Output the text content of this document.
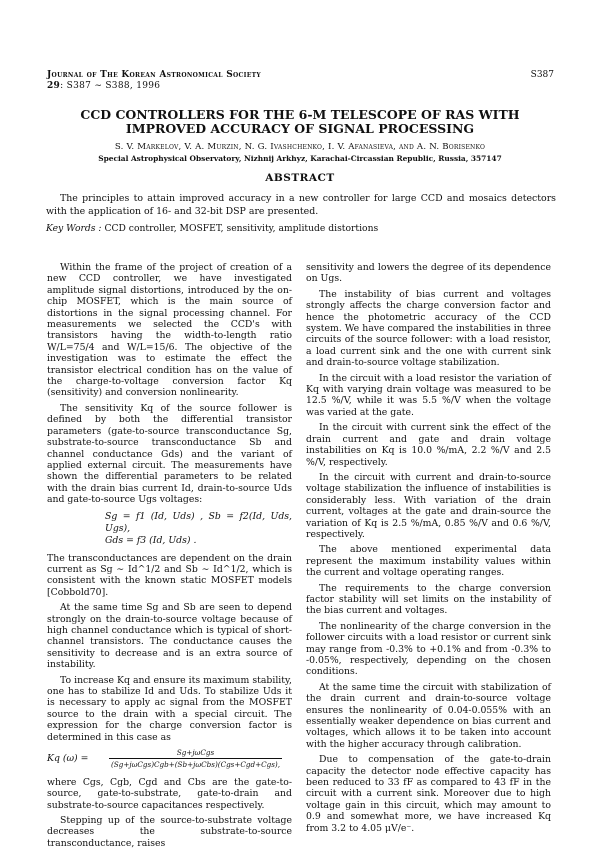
Journal of The Korean Astronomical Society
29: S387 ∼ S388, 1996
S387
CCD CONTROLLERS FOR THE 6-M TELESCOPE OF RAS WITH
IMPROVED ACCURACY OF SIGNAL PROCESSING
S. V. Markelov, V. A. Murzin, N. G. Ivashchenko, I. V. Afanasieva, and A. N. Borisenko
Special Astrophysical Observatory, Nizhnij Arkhyz, Karachai-Circassian Republic, Russia, 357147
ABSTRACT
The principles to attain improved accuracy in a new controller for large CCD and mosaics detectors with the application of 16- and 32-bit DSP are presented.
Key Words : CCD controller, MOSFET, sensitivity, amplitude distortions

Within the frame of the project of creation of a new CCD controller, we have investigated amplitude signal distortions, introduced by the on-chip MOSFET, which is the main source of distortions in the signal processing channel. For measurements we selected the CCD's with transistors having the width-to-length ratio W/L=75/4 and W/L=15/6. The objective of the investigation was to estimate the effect the transistor electrical condition has on the value of the charge-to-voltage conversion factor Kq (sensitivity) and conversion nonlinearity.

The sensitivity Kq of the source follower is defined by both the differential transistor parameters (gate-to-source transconductance Sg, substrate-to-source transconductance Sb and channel conductance Gds) and the variant of applied external circuit. The measurements have shown the differential parameters to be related with the drain bias current Id, drain-to-source Uds and gate-to-source Ugs voltages:

Sg = f1 (Id, Uds) , Sb = f2(Id, Uds, Ugs),
Gds = f3 (Id, Uds) .

The transconductances are dependent on the drain current as Sg ∼ Id^1/2 and Sb ∼ Id^1/2, which is consistent with the known static MOSFET models [Cobbold70].

At the same time Sg and Sb are seen to depend strongly on the drain-to-source voltage because of high channel conductance which is typical of short-channel transistors. The conductance causes the sensitivity to decrease and is an extra source of instability.

To increase Kq and ensure its maximum stability, one has to stabilize Id and Uds. To stabilize Uds it is necessary to apply ac signal from the MOSFET source to the drain with a special circuit. The expression for the charge conversion factor is determined in this case as

Kq (ω) =	$\frac{\text{Sg+jωCgs}}{\text{(Sg+jωCgs)Cgb+(Sb+jωCbs)(Cgs+Cgd+Cgs),}}$

where Cgs, Cgb, Cgd and Cbs are the gate-to-source, gate-to-substrate, gate-to-drain and substrate-to-source capacitances respectively.

Stepping up of the source-to-substrate voltage decreases the substrate-to-source transconductance, raises

sensitivity and lowers the degree of its dependence on Ugs.

The instability of bias current and voltages strongly affects the charge conversion factor and hence the photometric accuracy of the CCD system. We have compared the instabilities in three circuits of the source follower: with a load resistor, a load current sink and the one with current sink and drain-to-source voltage stabilization.

In the circuit with a load resistor the variation of Kq with varying drain voltage was measured to be 12.5 %/V, while it was 5.5 %/V when the voltage was varied at the gate.

In the circuit with current sink the effect of the drain current and gate and drain voltage instabilities on Kq is 10.0 %/mA, 2.2 %/V and 2.5 %/V, respectively.

In the circuit with current and drain-to-source voltage stabilization the influence of instabilities is considerably less. With variation of the drain current, voltages at the gate and drain-source the variation of Kq is 2.5 %/mA, 0.85 %/V and 0.6 %/V, respectively.

The above mentioned experimental data represent the maximum instability values within the current and voltage operating ranges.

The requirements to the charge conversion factor stability will set limits on the instability of the bias current and voltages.

The nonlinearity of the charge conversion in the follower circuits with a load resistor or current sink may range from -0.3% to +0.1% and from -0.3% to -0.05%, respectively, depending on the chosen conditions.

At the same time the circuit with stabilization of the drain current and drain-to-source voltage ensures the nonlinearity of 0.04-0.055% with an essentially weaker dependence on bias current and voltages, which allows it to be taken into account with the higher accuracy through calibration.

Due to compensation of the gate-to-drain capacity the detector node effective capacity has been reduced to 33 fF as compared to 43 fF in the circuit with a current sink. Moreover due to high voltage gain in this circuit, which may amount to 0.9 and somewhat more, we have increased Kq from 3.2 to 4.05 μV/e⁻.
